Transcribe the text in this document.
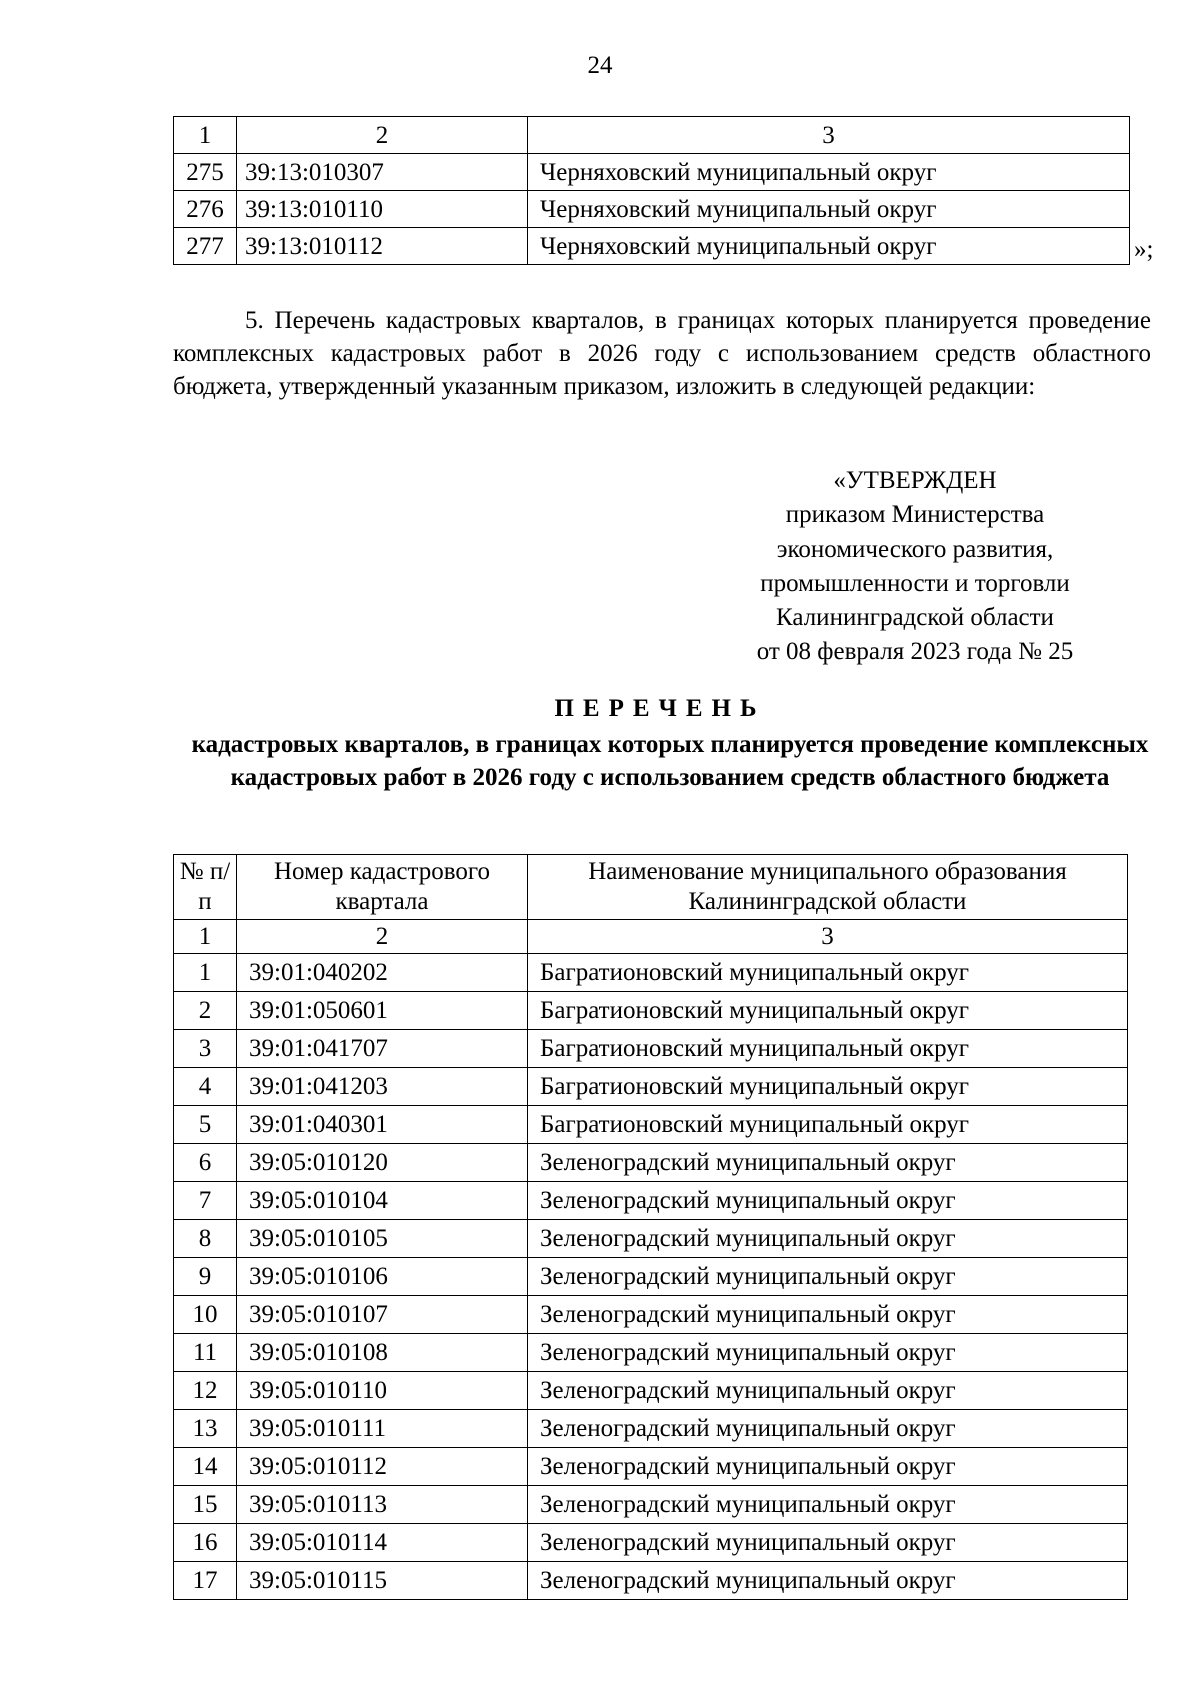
24
1	2	3
275	39:13:010307	Черняховский муниципальный округ
276	39:13:010110	Черняховский муниципальный округ
277	39:13:010112	Черняховский муниципальный округ	»;
5. Перечень кадастровых кварталов, в границах которых планируется проведение комплексных кадастровых работ в 2026 году с использованием средств областного бюджета, утвержденный указанным приказом, изложить в следующей редакции:
«УТВЕРЖДЕН
приказом Министерства
экономического развития,
промышленности и торговли
Калининградской области
от 08 февраля 2023 года № 25
ПЕРЕЧЕНЬ
кадастровых кварталов, в границах которых планируется проведение комплексных кадастровых работ в 2026 году с использованием средств областного бюджета
№ п/п	Номер кадастрового квартала	Наименование муниципального образования Калининградской области
1	2	3
1	39:01:040202	Багратионовский муниципальный округ
2	39:01:050601	Багратионовский муниципальный округ
3	39:01:041707	Багратионовский муниципальный округ
4	39:01:041203	Багратионовский муниципальный округ
5	39:01:040301	Багратионовский муниципальный округ
6	39:05:010120	Зеленоградский муниципальный округ
7	39:05:010104	Зеленоградский муниципальный округ
8	39:05:010105	Зеленоградский муниципальный округ
9	39:05:010106	Зеленоградский муниципальный округ
10	39:05:010107	Зеленоградский муниципальный округ
11	39:05:010108	Зеленоградский муниципальный округ
12	39:05:010110	Зеленоградский муниципальный округ
13	39:05:010111	Зеленоградский муниципальный округ
14	39:05:010112	Зеленоградский муниципальный округ
15	39:05:010113	Зеленоградский муниципальный округ
16	39:05:010114	Зеленоградский муниципальный округ
17	39:05:010115	Зеленоградский муниципальный округ
